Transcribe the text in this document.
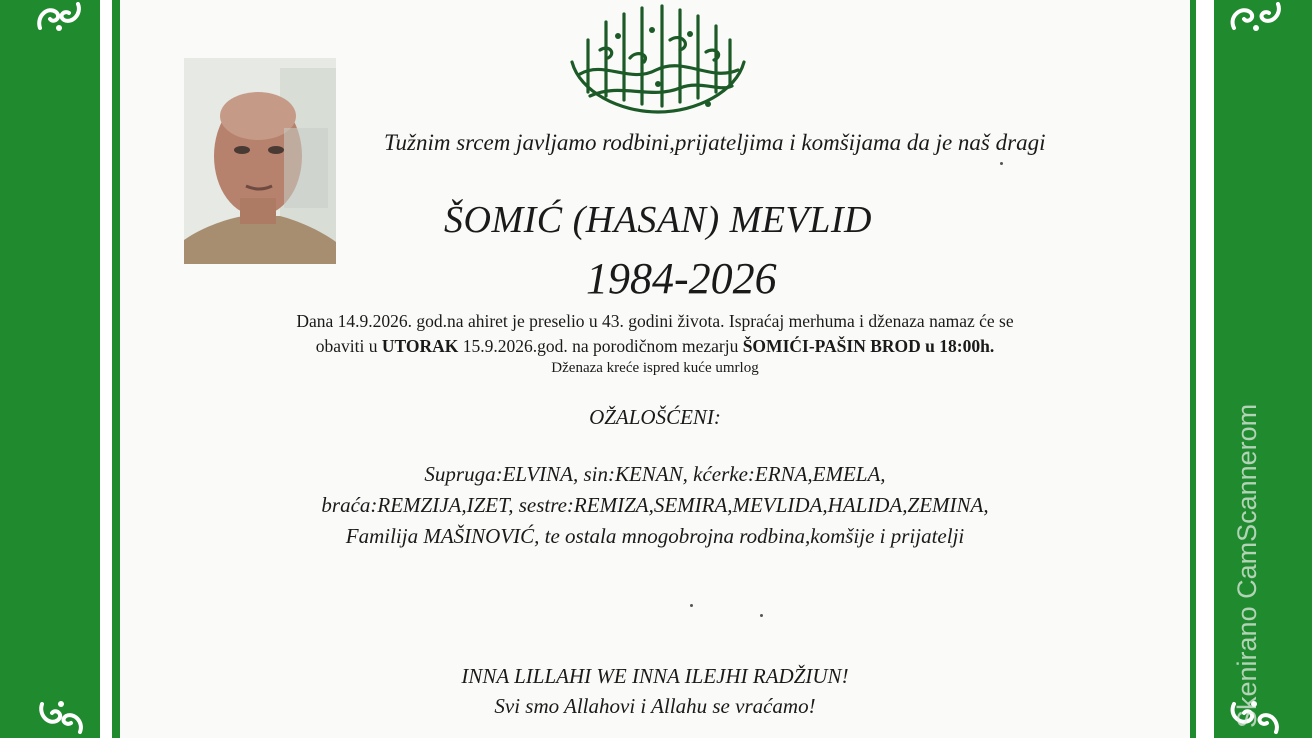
Tužnim srcem javljamo rodbini,prijateljima i komšijama da je naš dragi
ŠOMIĆ (HASAN) MEVLID
1984-2026
Dana 14.9.2026. god.na ahiret je preselio u 43. godini života. Ispraćaj merhuma i dženaza namaz će se
obaviti u UTORAK 15.9.2026.god. na porodičnom mezarju ŠOMIĆI-PAŠIN BROD u 18:00h.
Dženaza kreće ispred kuće umrlog
OŽALOŠĆENI:
Supruga:ELVINA, sin:KENAN, kćerke:ERNA,EMELA,
braća:REMZIJA,IZET, sestre:REMIZA,SEMIRA,MEVLIDA,HALIDA,ZEMINA,
Familija MAŠINOVIĆ, te ostala mnogobrojna rodbina,komšije i prijatelji
INNA LILLAHI WE INNA ILEJHI RADŽIUN!
Svi smo Allahovi i Allahu se vraćamo!	Skenirano CamScannerom
